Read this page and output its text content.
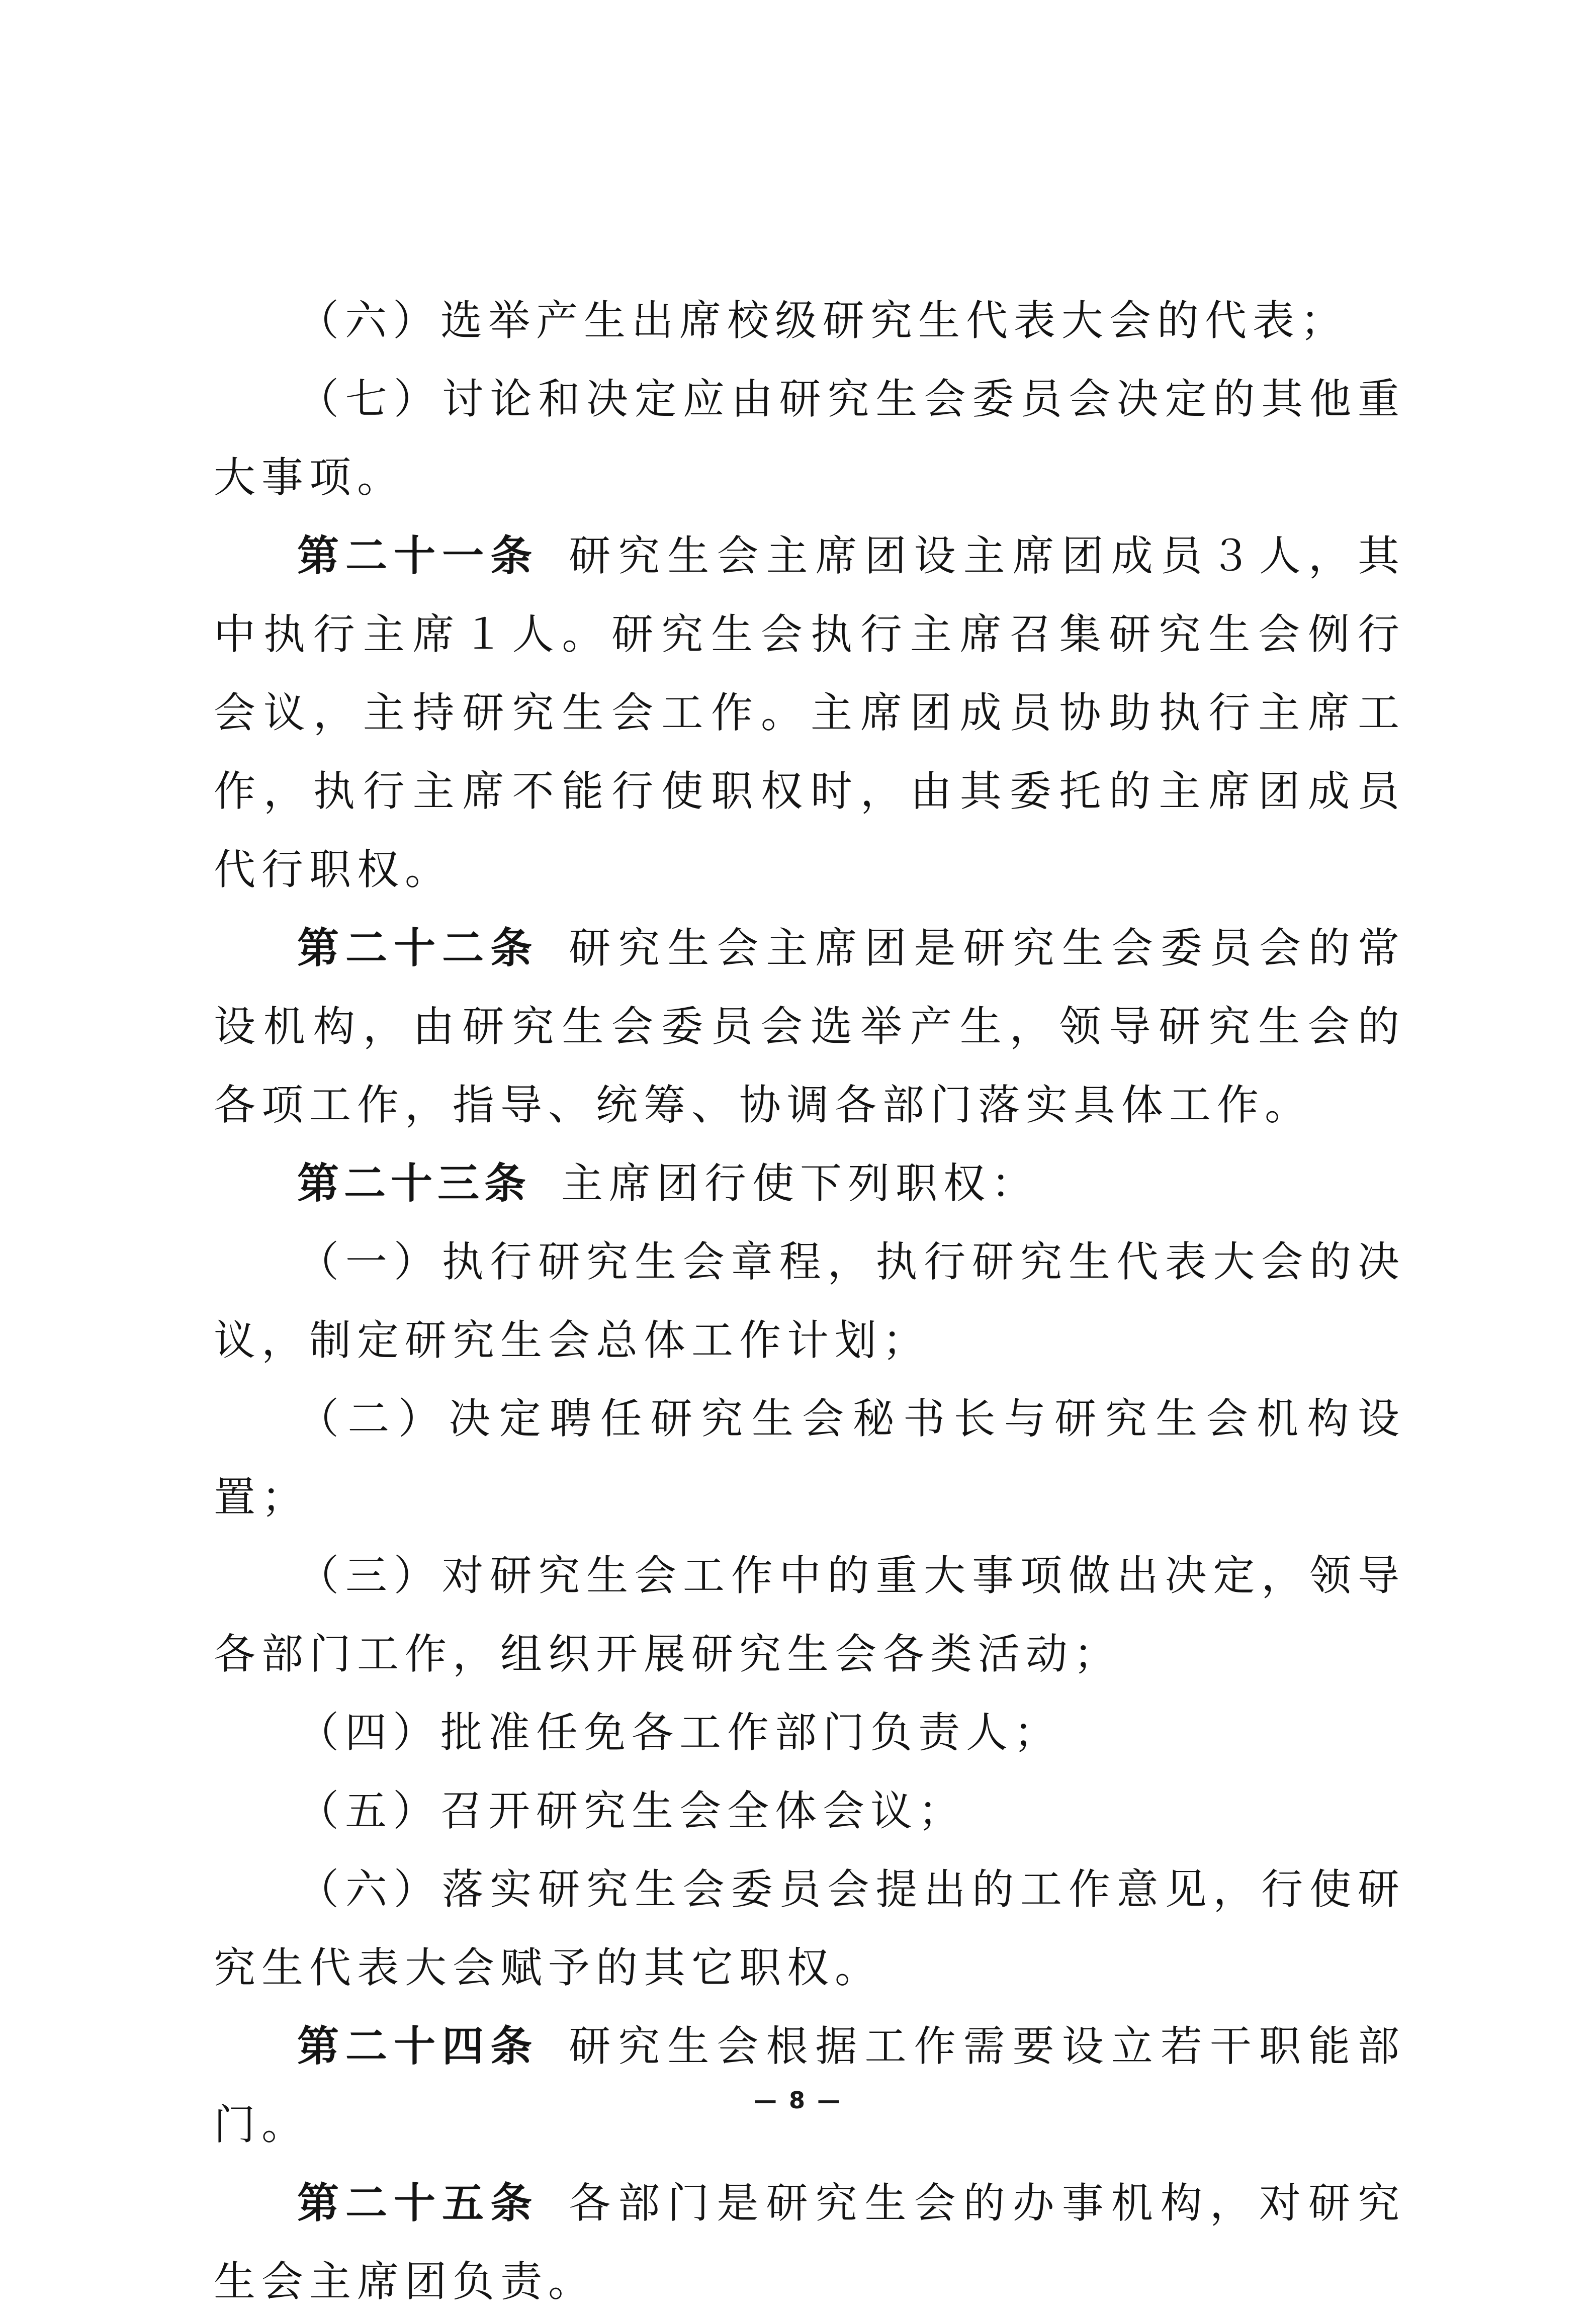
（六）选举产生出席校级研究生代表大会的代表；

（七）讨论和决定应由研究生会委员会决定的其他重大事项。

第二十一条 研究生会主席团设主席团成员３人，其中执行主席１人。研究生会执行主席召集研究生会例行会议，主持研究生会工作。主席团成员协助执行主席工作，执行主席不能行使职权时，由其委托的主席团成员代行职权。

第二十二条 研究生会主席团是研究生会委员会的常设机构，由研究生会委员会选举产生，领导研究生会的各项工作，指导、统筹、协调各部门落实具体工作。

第二十三条 主席团行使下列职权：

（一）执行研究生会章程，执行研究生代表大会的决议，制定研究生会总体工作计划；

（二）决定聘任研究生会秘书长与研究生会机构设置；

（三）对研究生会工作中的重大事项做出决定，领导各部门工作，组织开展研究生会各类活动；

（四）批准任免各工作部门负责人；

（五）召开研究生会全体会议；

（六）落实研究生会委员会提出的工作意见，行使研究生代表大会赋予的其它职权。

第二十四条 研究生会根据工作需要设立若干职能部门。

第二十五条 各部门是研究生会的办事机构，对研究生会主席团负责。

— 8 —
